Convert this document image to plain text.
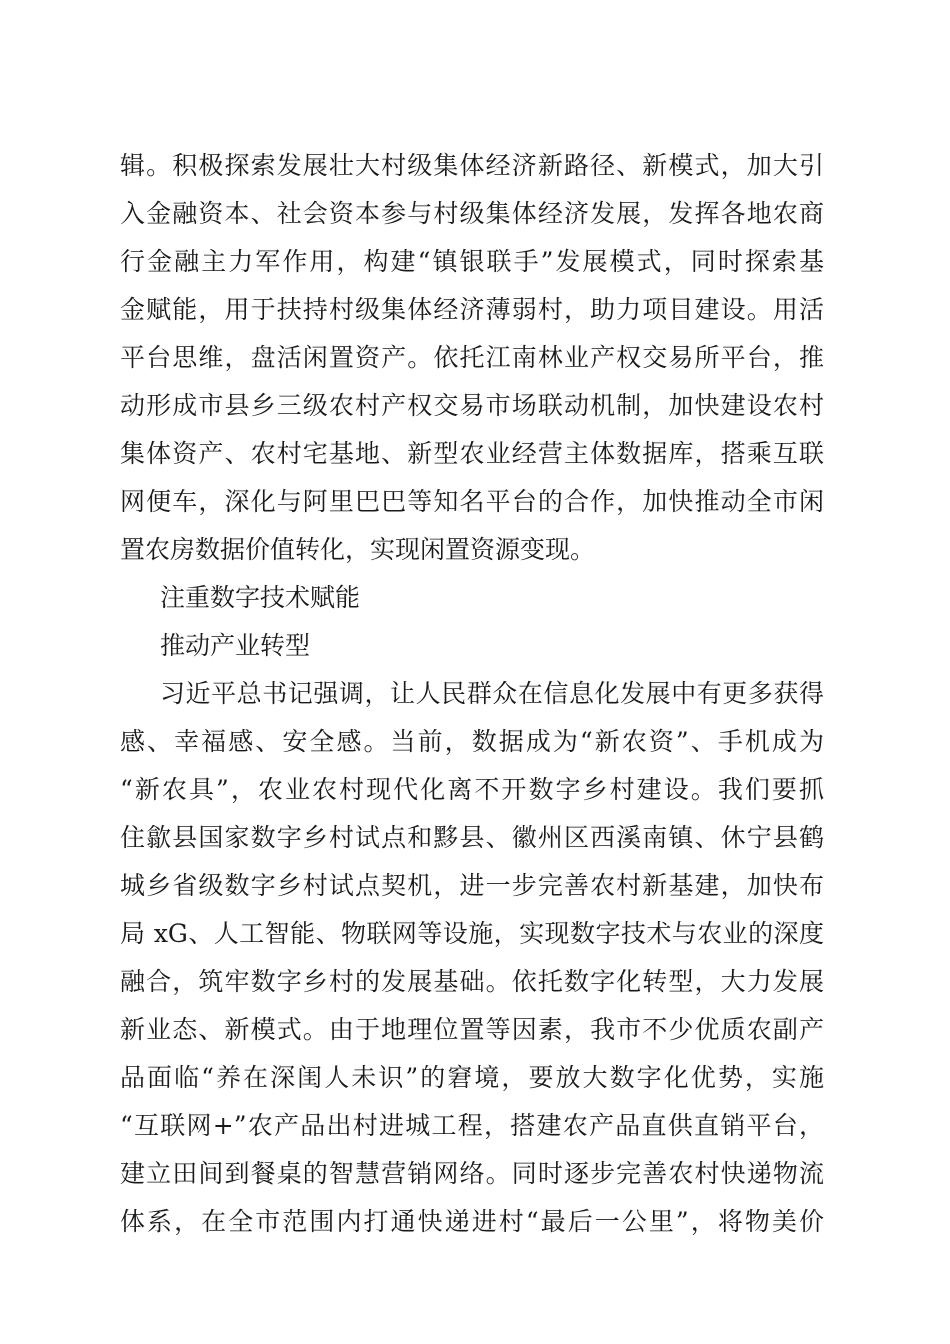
辑。积极探索发展壮大村级集体经济新路径、新模式，加大引
入金融资本、社会资本参与村级集体经济发展，发挥各地农商
行金融主力军作用，构建“镇银联手”发展模式，同时探索基
金赋能，用于扶持村级集体经济薄弱村，助力项目建设。用活
平台思维，盘活闲置资产。依托江南林业产权交易所平台，推
动形成市县乡三级农村产权交易市场联动机制，加快建设农村
集体资产、农村宅基地、新型农业经营主体数据库，搭乘互联
网便车，深化与阿里巴巴等知名平台的合作，加快推动全市闲
置农房数据价值转化，实现闲置资源变现。
注重数字技术赋能
推动产业转型
习近平总书记强调，让人民群众在信息化发展中有更多获得
感、幸福感、安全感。当前，数据成为“新农资”、手机成为
“新农具”，农业农村现代化离不开数字乡村建设。我们要抓
住歙县国家数字乡村试点和黟县、徽州区西溪南镇、休宁县鹤
城乡省级数字乡村试点契机，进一步完善农村新基建，加快布
局 xG、人工智能、物联网等设施，实现数字技术与农业的深度
融合，筑牢数字乡村的发展基础。依托数字化转型，大力发展
新业态、新模式。由于地理位置等因素，我市不少优质农副产
品面临“养在深闺人未识”的窘境，要放大数字化优势，实施
“互联网+”农产品出村进城工程，搭建农产品直供直销平台，
建立田间到餐桌的智慧营销网络。同时逐步完善农村快递物流
体系，在全市范围内打通快递进村“最后一公里”，将物美价
